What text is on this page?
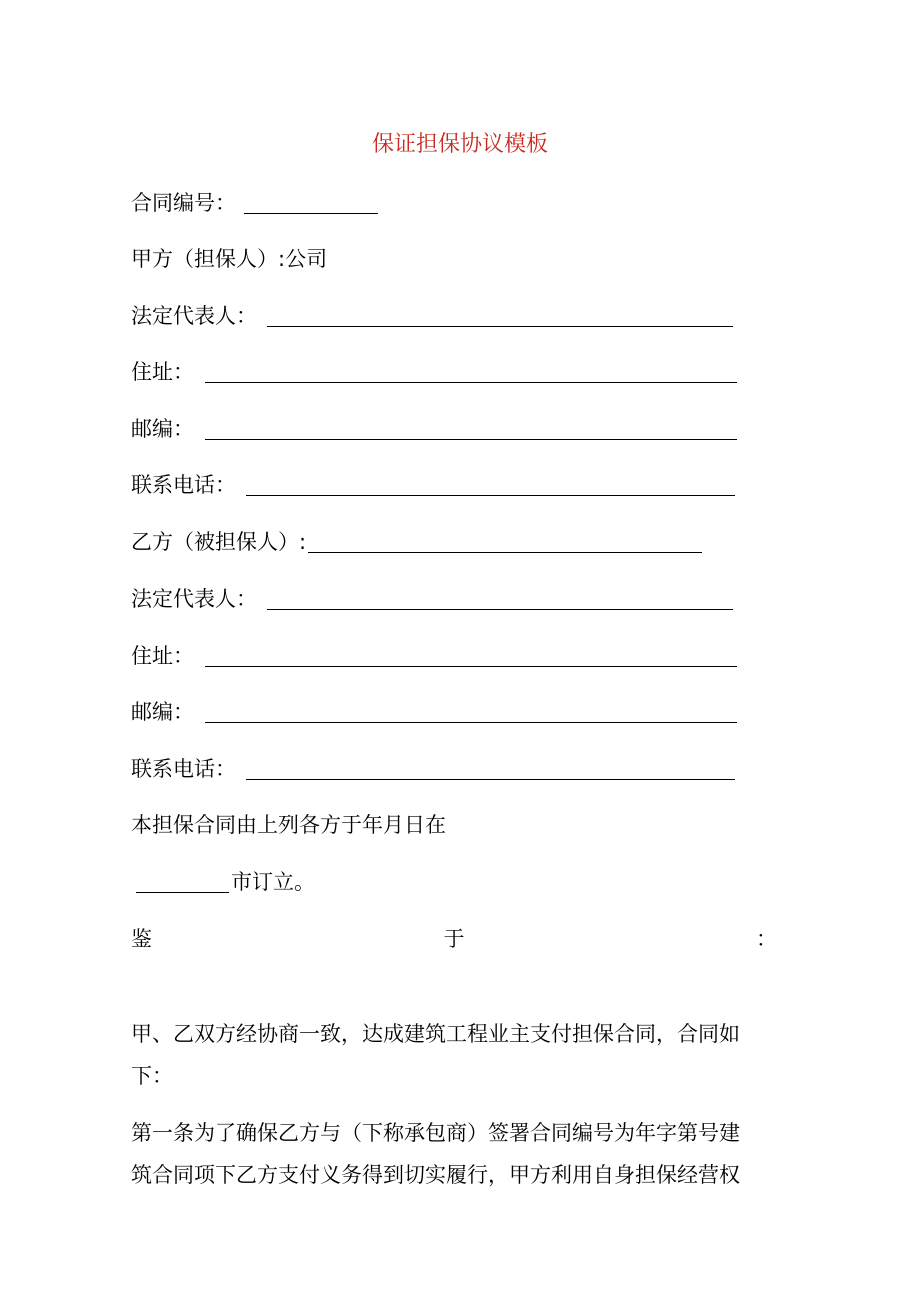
保证担保协议模板
合同编号：
甲方（担保人）:公司
法定代表人：
住址：
邮编：
联系电话：
乙方（被担保人）:
法定代表人：
住址：
邮编：
联系电话：
本担保合同由上列各方于年月日在
市订立。
鉴	于	：
甲、乙双方经协商一致，达成建筑工程业主支付担保合同，合同如
下：
第一条为了确保乙方与（下称承包商）签署合同编号为年字第号建
筑合同项下乙方支付义务得到切实履行，甲方利用自身担保经营权
